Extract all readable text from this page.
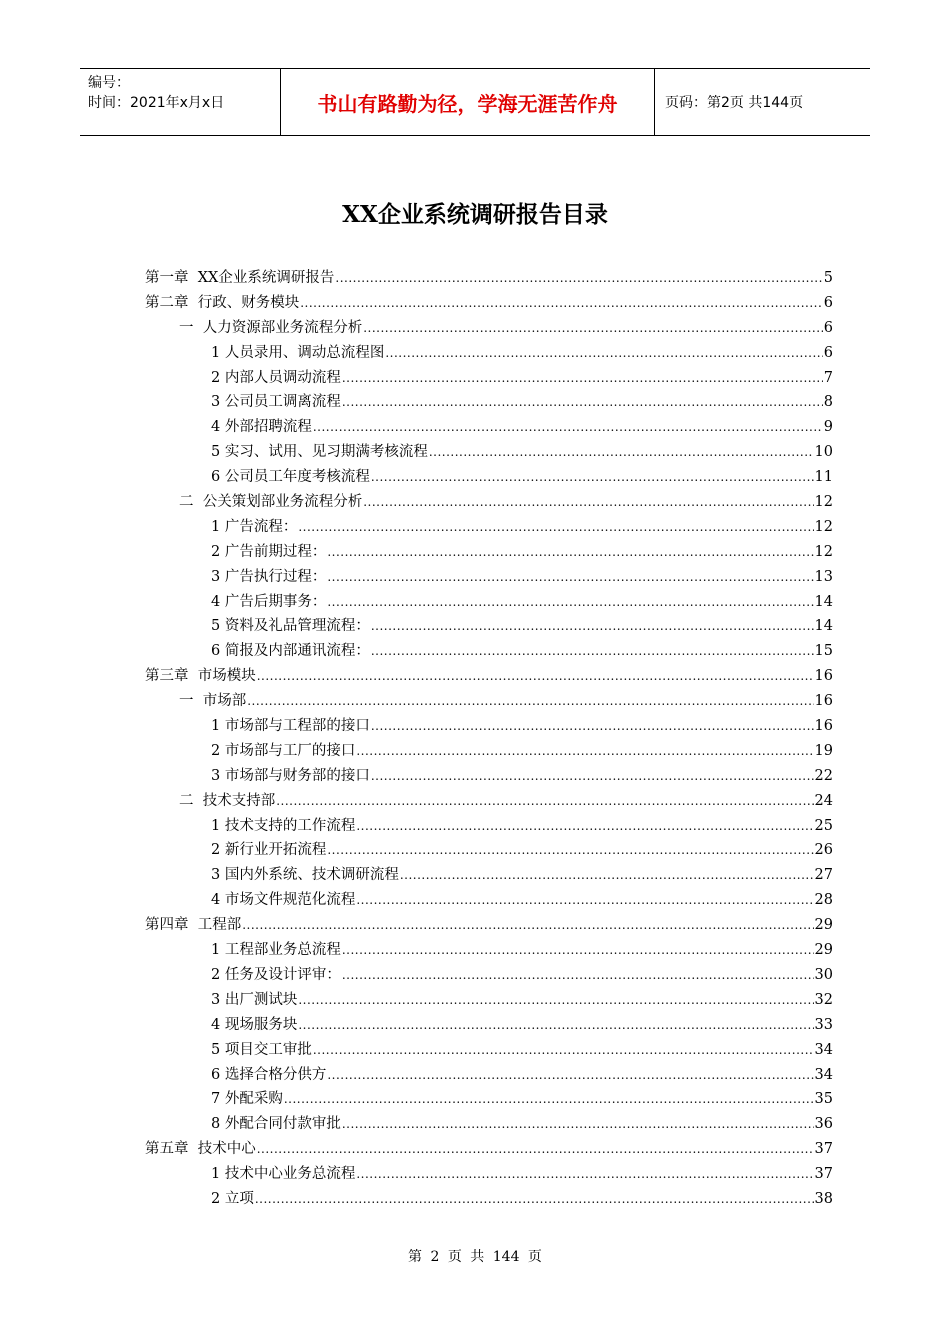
编号：
时间：2021年x月x日	书山有路勤为径，学海无涯苦作舟	页码：第2页 共144页
XX企业系统调研报告目录
第一章  XX企业系统调研报告 .....	5
第二章  行政、财务模块 .....	6
一  人力资源部业务流程分析 .....	6
1 人员录用、调动总流程图 .....	6
2 内部人员调动流程 .....	7
3 公司员工调离流程 .....	8
4 外部招聘流程 .....	9
5 实习、试用、见习期满考核流程 .....	10
6 公司员工年度考核流程 .....	11
二  公关策划部业务流程分析 .....	12
1 广告流程： .....	12
2 广告前期过程： .....	12
3 广告执行过程： .....	13
4 广告后期事务： .....	14
5 资料及礼品管理流程： .....	14
6 简报及内部通讯流程： .....	15
第三章  市场模块 .....	16
一  市场部 .....	16
1 市场部与工程部的接口 .....	16
2 市场部与工厂的接口 .....	19
3 市场部与财务部的接口 .....	22
二  技术支持部 .....	24
1 技术支持的工作流程 .....	25
2 新行业开拓流程 .....	26
3 国内外系统、技术调研流程 .....	27
4 市场文件规范化流程 .....	28
第四章  工程部 .....	29
1 工程部业务总流程 .....	29
2 任务及设计评审： .....	30
3 出厂测试块 .....	32
4 现场服务块 .....	33
5 项目交工审批 .....	34
6 选择合格分供方 .....	34
7 外配采购 .....	35
8 外配合同付款审批 .....	36
第五章  技术中心 .....	37
1 技术中心业务总流程 .....	37
2 立项 .....	38
第 2 页 共 144 页
